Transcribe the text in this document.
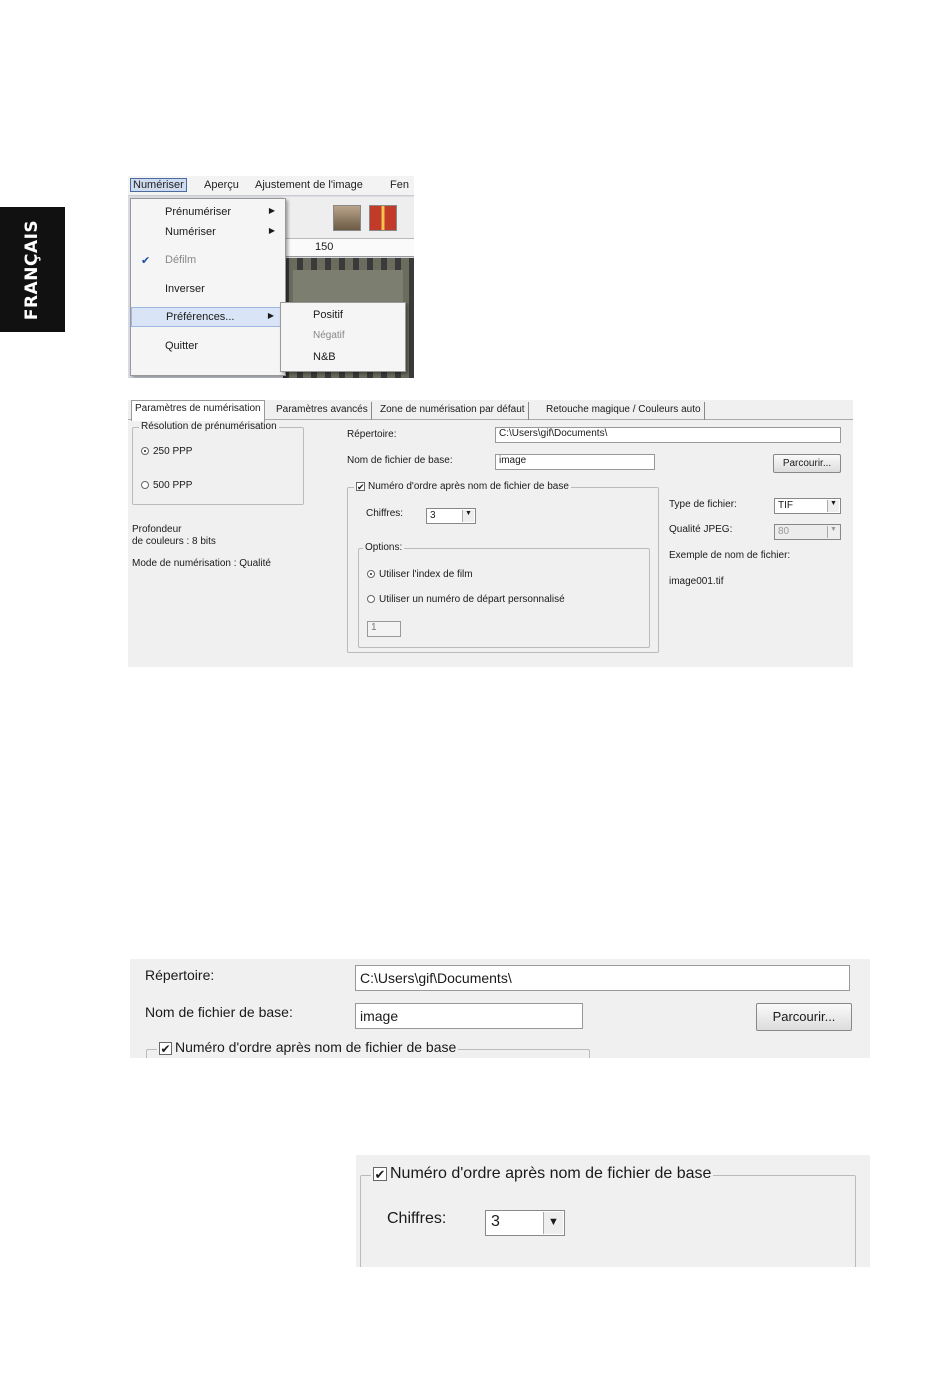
FRANÇAIS
Numériser Aperçu Ajustement de l'image Fen
150
Prénumériser	▶
Numériser	▶
✔ Défilm
Inverser
Préférences...	▶
Quitter
Positif
Négatif
N&B
Paramètres de numérisation	Paramètres avancés	Zone de numérisation par défaut	Retouche magique / Couleurs auto
Résolution de prénumérisation
250 PPP
500 PPP
Profondeur
de couleurs : 8 bits
Mode de numérisation : Qualité
Répertoire:	C:\Users\gif\Documents\
Nom de fichier de base:	image	Parcourir...
✔ Numéro d'ordre après nom de fichier de base
Chiffres:	3	▼
Options:
Utiliser l'index de film
Utiliser un numéro de départ personnalisé
1
Type de fichier:	TIF	▼
Qualité JPEG:	80	▼
Exemple de nom de fichier:
image001.tif
Répertoire:	C:\Users\gif\Documents\
Nom de fichier de base:	image	Parcourir...
✔ Numéro d'ordre après nom de fichier de base
✔ Numéro d'ordre après nom de fichier de base
Chiffres:	3	▼
